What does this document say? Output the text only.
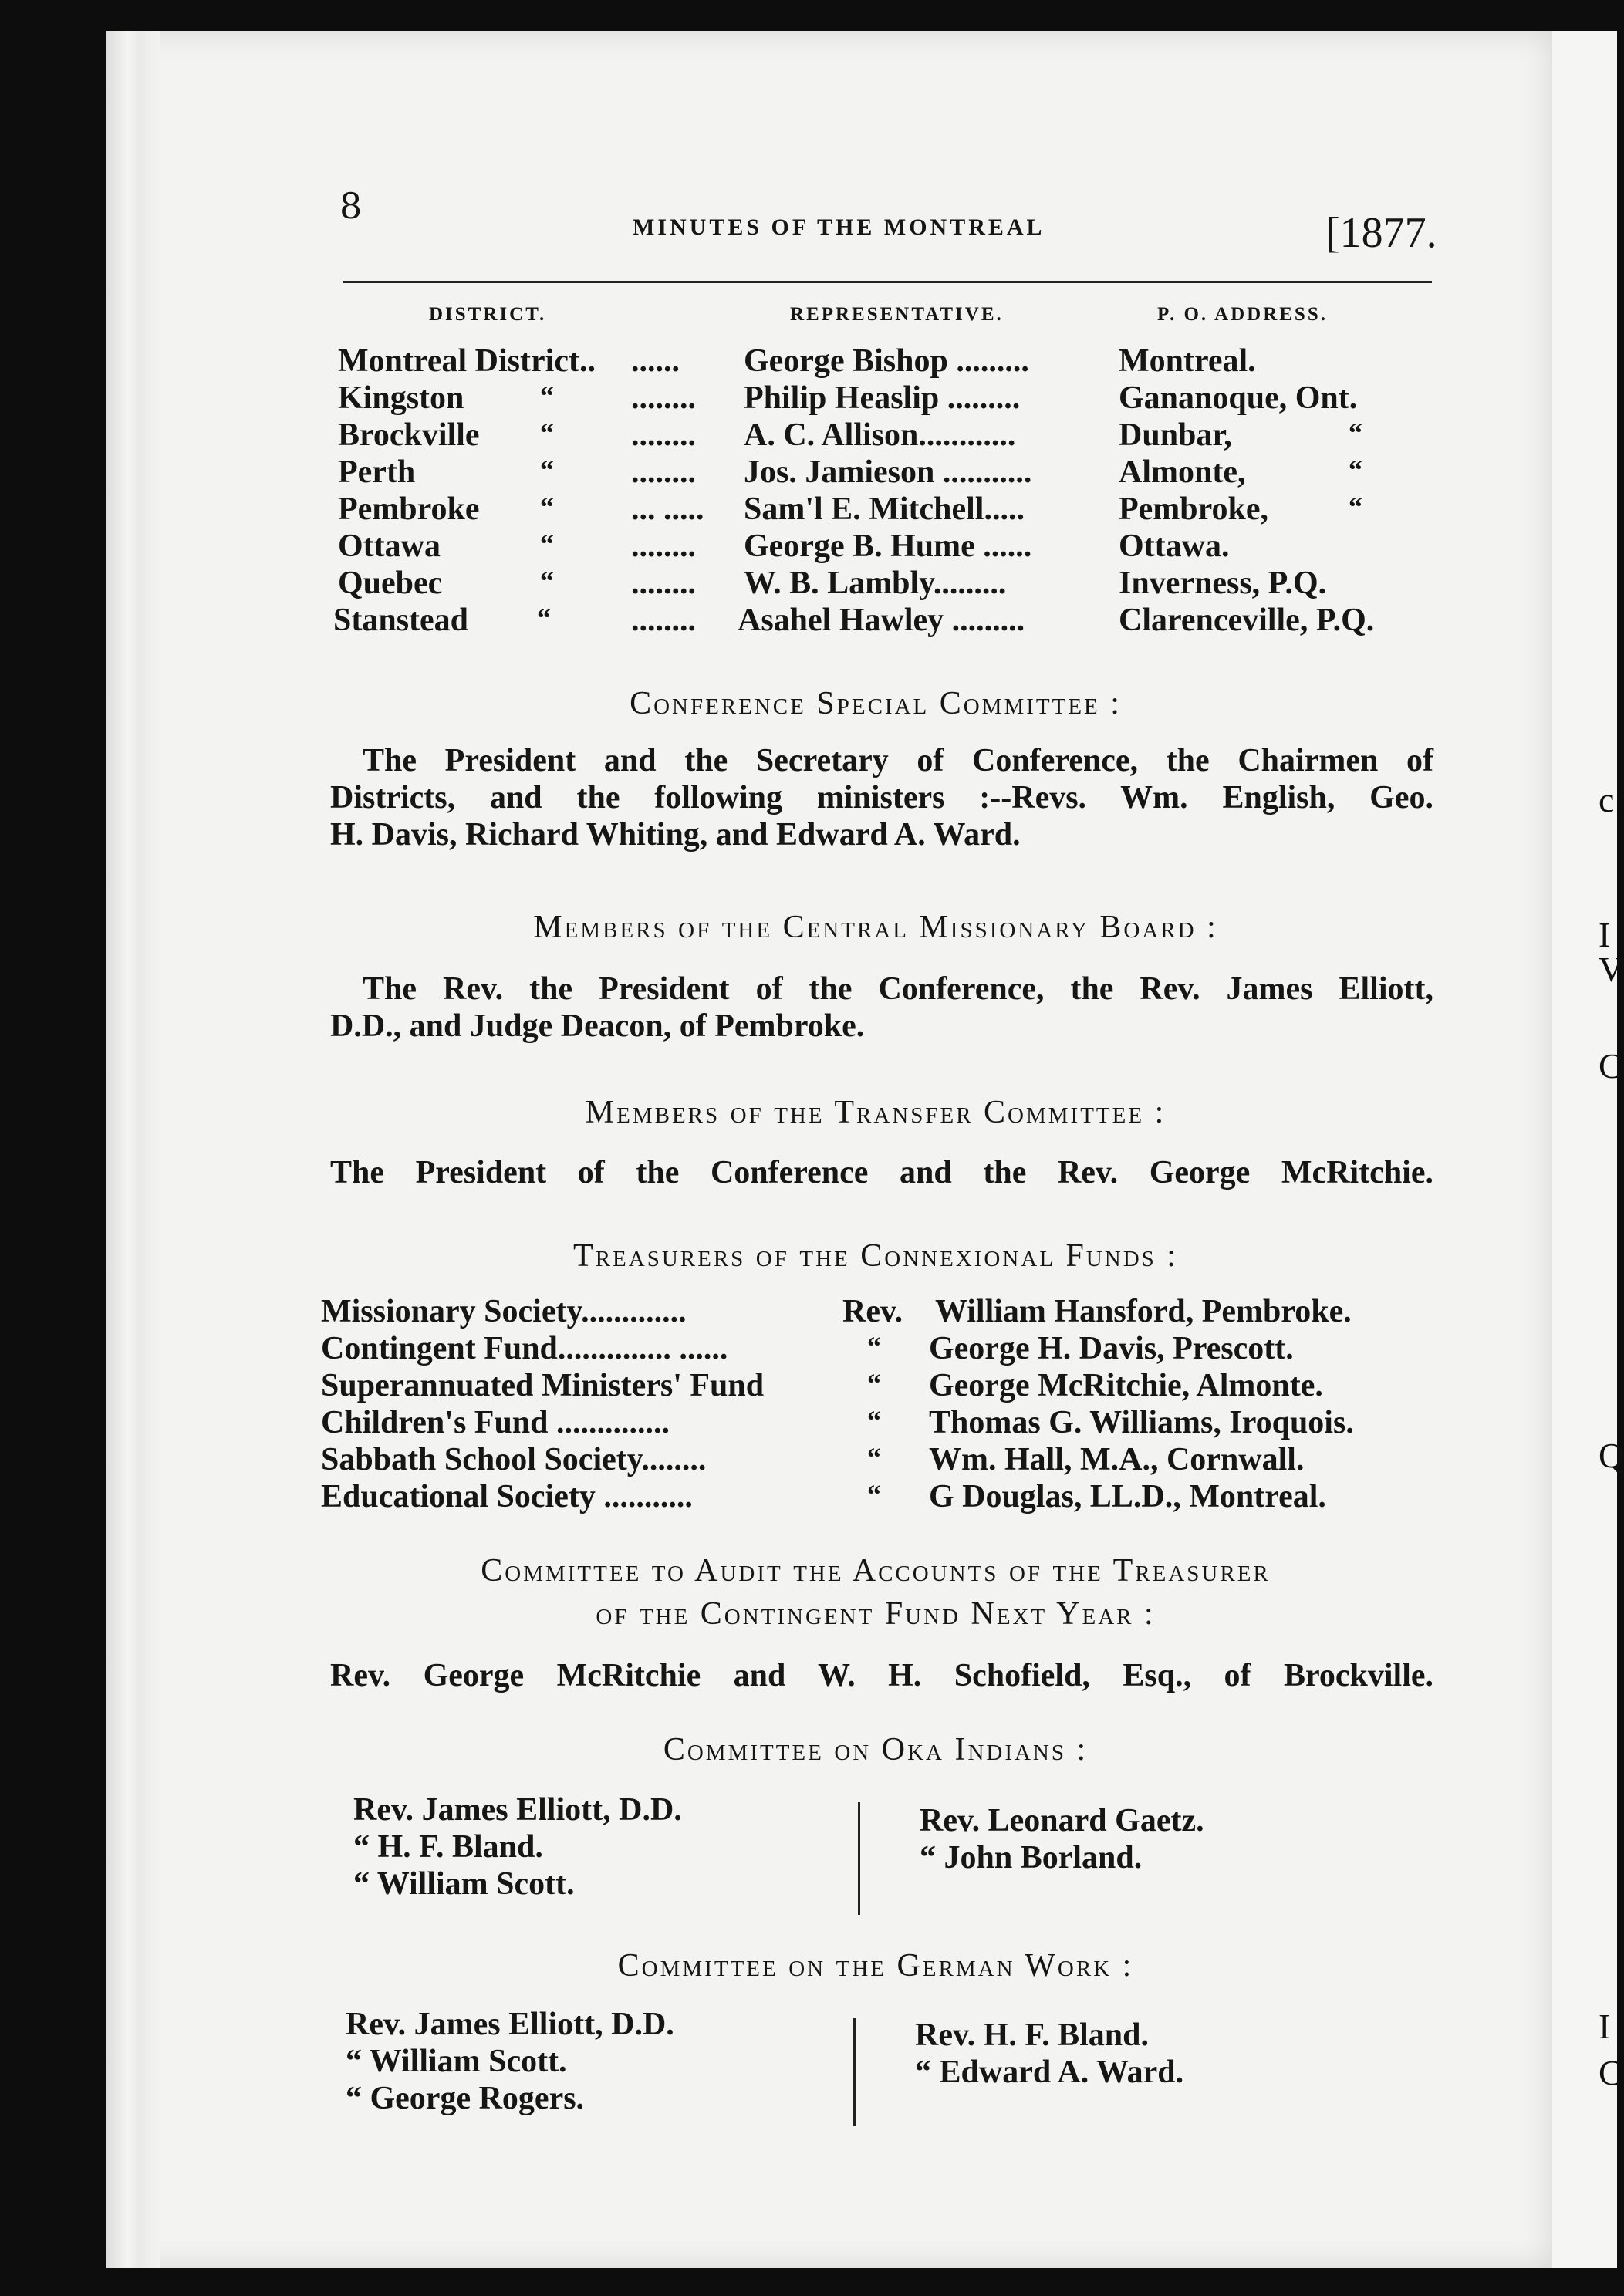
c
I
V
C
Q
I
C
8
MINUTES OF THE MONTREAL	[1877.
DISTRICT.	REPRESENTATIVE.	P. O. ADDRESS.
Montreal District.. ...... George Bishop .........	Montreal.
Kingston	“ ........ Philip Heaslip .........	Gananoque, Ont.
Brockville “ ........ A. C. Allison............	Dunbar,	“
Perth	“ ........ Jos. Jamieson ...........	Almonte,	“
Pembroke “ ... ..... Sam'l E. Mitchell.....	Pembroke,	“
Ottawa	“ ........ George B. Hume ......	Ottawa.
Quebec	“ ........ W. B. Lambly.........	Inverness, P.Q.
Stanstead “ ........ Asahel Hawley .........	Clarenceville, P.Q.
Conference Special Committee :
The President and the Secretary of Conference, the Chairmen of
Districts, and the following ministers :--Revs. Wm. English, Geo.
H. Davis, Richard Whiting, and Edward A. Ward.
Members of the Central Missionary Board :
The Rev. the President of the Conference, the Rev. James Elliott,
D.D., and Judge Deacon, of Pembroke.
Members of the Transfer Committee :
The President of the Conference and the Rev. George McRitchie.
Treasurers of the Connexional Funds :
Missionary Society.............	Rev. William Hansford, Pembroke.
Contingent Fund.............. ......	“ George H. Davis, Prescott.
Superannuated Ministers' Fund	“ George McRitchie, Almonte.
Children's Fund ..............	“ Thomas G. Williams, Iroquois.
Sabbath School Society........	“ Wm. Hall, M.A., Cornwall.
Educational Society ...........	“ G Douglas, LL.D., Montreal.
Committee to Audit the Accounts of the Treasurer
of the Contingent Fund Next Year :
Rev. George McRitchie and W. H. Schofield, Esq., of Brockville.
Committee on Oka Indians :
Rev. James Elliott, D.D.
“ H. F. Bland.
“ William Scott.
Rev. Leonard Gaetz.
“ John Borland.
Committee on the German Work :
Rev. James Elliott, D.D.
“ William Scott.
“ George Rogers.
Rev. H. F. Bland.
“ Edward A. Ward.
